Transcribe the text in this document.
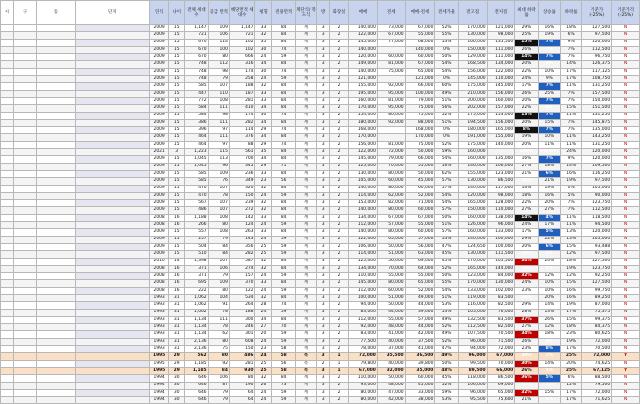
시	구	동	단지	연식	나이	전체 세대수	공급 면적	해당면적 세대수	평형	전용면적	계단식/ 복도식	방	화장실	매매	전세	매매-전세	전세가율	전고점	전저점	최대 하락률	상승률	하락률	기준가 (-25%)	기준가격 (-25%)
				2009	15	1,147	109	1,147	33	84	계	3	2	140,000	73,000	67,000	52%	170,000	121,000	29%	16%	18%	127,500	N
				2009	15	721	106	721	32	84	계	3	2	122,000	67,000	55,000	55%	130,000	98,000	25%	19%	6%	97,500	N
				2009	15	670	114	102	35	84	계	3	2	145,000	77,000	68,000	53%	160,000	135,500	15%	7%	9%	120,000	N
				2009	15	670	100	102	30	74	계	3	2	140,000		140,000	0%	150,000	111,000	26%	7%	7%	112,500	N
				2009	15	670	80	666	24	59	계	3	2	120,000	60,000	60,000	50%	129,000	111,000	14%	7%	7%	96,750	N
				2009	15	748	112	316	34	84	계	3	2	149,000	81,000	67,000	54%	168,500	134,000	20%	8%	14%	126,375	N
				2009	15	748	98	174	30	74	계	3	2	140,000	75,000	65,000	54%	156,000	122,000	22%	10%	17%	117,125	N
				2009	15	748	79	258	24	59	계	3	2	121,000		121,000	0%	145,000	110,000	24%	9%	17%	108,750	N
				2009	15	585	107	188	32	84	계	3	2	155,000	92,000	66,000	60%	175,000	145,000	17%	7%	11%	131,250	N
				2009	15	447	110	187	33	84	계	3	2	195,000	95,000	100,000	49%	210,000	156,000	26%	25%	7%	157,500	N
				2009	15	772	108	281	33	84	계	3	2	160,000	81,000	79,000	51%	200,000	160,000	20%	7%	7%	150,000	N
				2009	15	584	111	410	34	84	계	3	2	170,000	95,000	75,000	56%	202,000	157,000	22%	8%	15%	151,500	N
				2009	15	584	98	174	30	74	계	3	2	154,000	80,000	75,000	52%	175,000	153,000	13%	7%	11%	131,250	N
				2009	15	386	111	282	34	84	계	3	2	180,000	92,000	88,000	51%	194,500	156,000	20%	15%	7%	145,875	N
				2009	15	396	97	114	29	74	계	3	2	168,000		168,000	0%	180,000	165,000	8%	7%	7%	135,000	N
				2009	15	464	111	376	34	84	계	3	2	170,000		170,000	0%	191,000	155,000	19%	10%	11%	143,250	N
				2009	15	464	97	88	29	74	계	3	2	156,000	81,000	75,000	52%	175,000	140,000	20%	11%	11%	131,250	N
				2021	3	1,223	115	561	35	84	계	3	2	122,000	72,000	50,000	59%	160,000		100%	#DIV/0!	24%	120,000	N
				2009	15	1,045	113	700	34	84	계	3	2	145,000	79,000	66,000	54%	160,000	135,000	16%	7%	9%	120,000	N
				2009	15	1,045	96	345	29	71	계	3	2	125,000	70,000	55,000	56%	146,000	106,000	27%	18%	14%	109,500	N
				2009	15	585	109	236	33	84	계	3	2	130,000	80,000	50,000	62%	155,000	123,000	21%	6%	16%	116,250	N
				2009	15	585	76	349	23	56	계	3	2	105,000	60,000	45,000	57%	130,000	86,500	33%	21%	19%	97,500	N
				2009	15	470	107	320	32	84	계	3	2	140,000	80,000	60,000	57%	140,000	117,000	16%	19%	0%	105,000	N
				2009	15	470	78	150	24	59	계	3	2	114,000	62,000	52,000	54%	120,000	98,000	18%	16%	5%	90,000	N
				2009	15	567	107	239	32	84	계	3	2	153,000	82,000	71,000	54%	165,000	128,000	22%	20%	7%	123,750	N
				2009	15	486	107	272	32	84	계	3	2	140,000	80,000	60,000	57%	150,000	110,000	27%	27%	7%	112,500	N
				2008	16	1,188	108	142	33	84	계	3	2	134,000	67,000	67,000	50%	160,000	138,000	14%	4%	11%	118,500	N
				2008	16	266	80	124	24	59	계	3	2	112,000	57,000	55,000	51%	126,000	96,000	24%	17%	11%	94,500	N
				2009	15	557	108	263	33	84	계	3	2	140,000	80,000	60,000	57%	160,000	133,000	17%	5%	13%	120,000	N
				2009	15	257	79	143	24	59	계	3	2	122,000	65,000	57,000	53%	140,000	100,000	29%	22%	13%	105,000	N
				2009	15	504	84	356	25	59	계	3	2	106,000	50,000	56,000	47%	124,650	100,000	20%	6%	15%	93,488	N
				2009	15	510	84	282	25	59	계	3	2	114,000	51,000	63,000	45%	130,000	111,500	14%	2%	12%	97,500	N
				2010	14	1,398	107	587	32	84	계	3	2	125,000	56,000	69,000	45%	170,000	105,500	34%	24%	18%	127,500	N
				2008	16	371	106	274	32	84	계	3	2	134,000	70,000	64,000	52%	165,000	144,000	13%	8%	19%	123,750	N
				2008	16	371	79	157	24	59	계	3	2	110,000	55,000	55,000	50%	123,000	84,000	32%	12%	12%	92,250	N
				2008	16	695	109	370	33	84	계	3	2	145,000	80,000	65,000	55%	170,000	130,000	24%	10%	15%	127,500	N
				2008	16	222	80	122	24	59	계	3	2	112,000	60,000	52,000	54%	133,000	102,000	23%	10%	16%	99,750	N
				1993	31	1,062	104	534	32	84	계	3	2	100,000	51,000	49,000	51%	119,000	83,500	30%	20%	16%	89,250	N
				1993	31	1,062	91	264	28	74	계	3	2	94,000	50,000	44,000	53%	116,000	82,500	29%	14%	19%	87,000	N
				1993	31	1,062	78	188	24	59	계	3	2	83,000	44,000	39,000	53%	105,000	76,000	28%	13%	17%	75,375	N
				1993	31	1,134	111	300	34	84	계	3	2	112,000	55,000	57,000	49%	132,500	83,500	37%	26%	15%	99,375	N
				1993	31	1,134	78	246	27	70	계	3	2	92,000	48,000	44,000	52%	112,500	82,500	27%	12%	18%	84,375	N
				1993	31	1,134	62	301	20	59	계	3	2	83,000	41,000	42,000	49%	107,500	70,500	34%	18%	23%	80,625	N
				1993	31	2,136	80	608	24	59	계	3	2	77,500	40,000	37,500	52%	96,000	71,500	26%	8%	19%	72,000	N
				1993	31	2,136	75	150	23	58	계	3	2	78,000	37,000	41,000	47%	94,000	72,000	23%	8%	17%	70,500	N
				1995	29	562	80	486	24	58	복	3	1	72,000	35,500	36,500	49%	96,000	67,000	30%	7%	25%	72,000	Y
				1995	29	1,185	92	281	25	56	복	2	1	79,800	40,000	39,800	50%	99,500	70,000	30%	14%	20%	74,625	N
				1995	29	1,185	84	930	25	58	복	3	1	67,000	32,000	35,000	48%	89,500	66,000	26%	1%	25%	67,125	Y
				1994	30	646	106	80	32	84	계	3	2	110,000	50,000	60,000	45%	118,000	86,500	36%	5%	6%	88,500	N
				1994	30	646	87	190	26	73	계	3	2	93,000	48,000	45,000	52%	106,000	69,000	35%	5%	12%	79,500	N
				1994	30	646	79	64	24	59	계	3	2	80,000	47,000	33,000	59%	96,000	65,000	32%	15%	17%	72,000	N
				1994	30	646	79	64	24	59	계	3	2	80,000	42,000	38,000	53%	95,500	75,600	21%	6%	17%	71,625	N
